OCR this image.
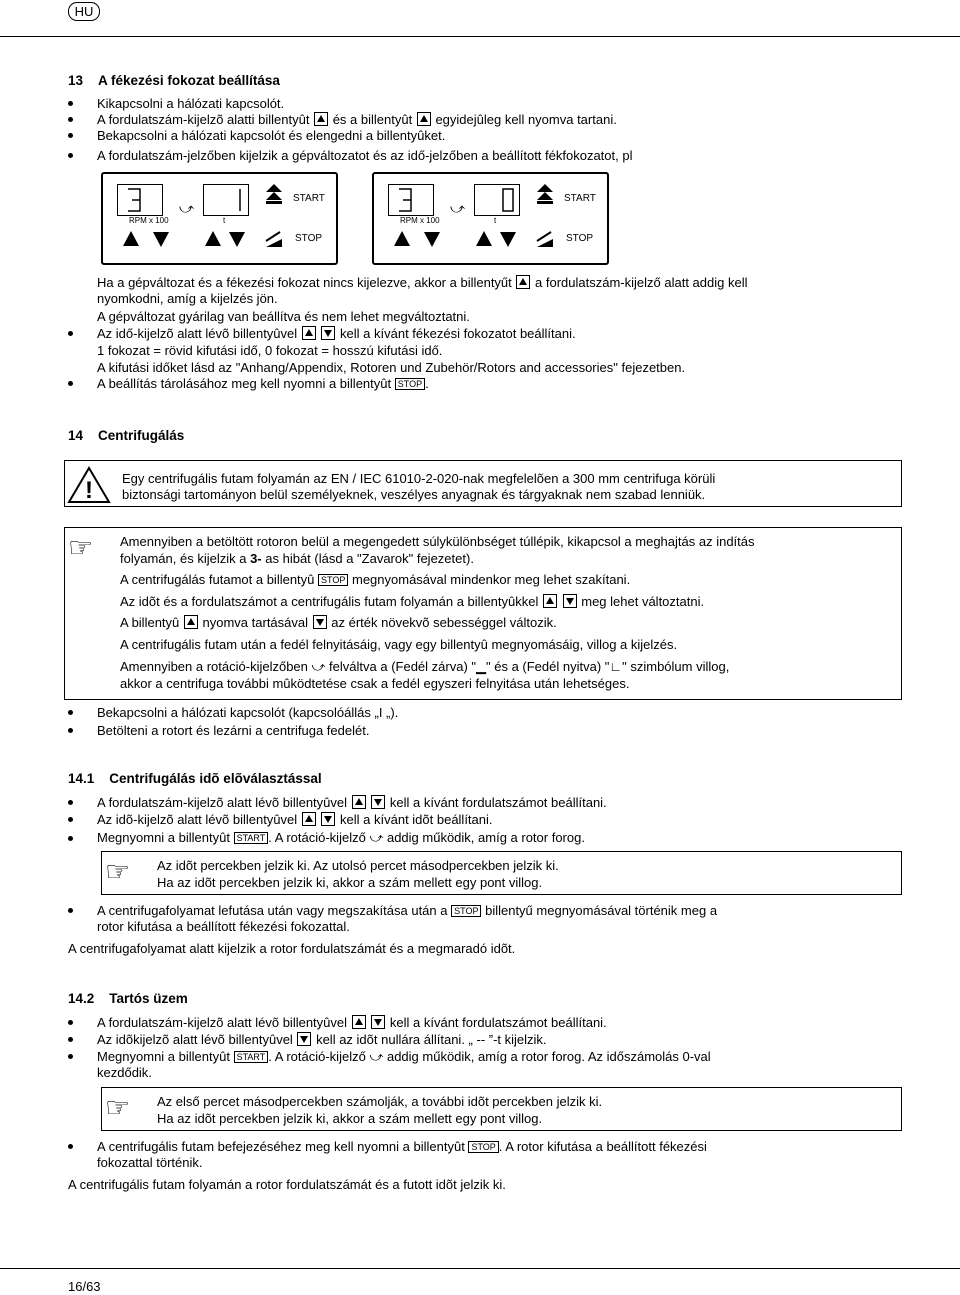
HU
13 A fékezési fokozat beállítása
Kikapcsolni a hálózati kapcsolót.
A fordulatszám-kijelzõ alatti billentyût és a billentyût egyidejûleg kell nyomva tartani.
Bekapcsolni a hálózati kapcsolót és elengedni a billentyûket.
A fordulatszám-jelzőben kijelzik a gépváltozatot és az idő-jelzőben a beállított fékfokozatot, pl
RPM x 100
⤻
t
START
STOP
RPM x 100
⤻
t
START
STOP
Ha a gépváltozat és a fékezési fokozat nincs kijelezve, akkor a billentyűt a fordulatszám-kijelző alatt addig kell
nyomkodni, amíg a kijelzés jön.
A gépváltozat gyárilag van beállítva és nem lehet megváltoztatni.
Az idő-kijelzõ alatt lévõ billentyûvel	kell a kívánt fékezési fokozatot beállítani.
1 fokozat = rövid kifutási idő, 0 fokozat = hosszú kifutási idő.
A kifutási időket lásd az "Anhang/Appendix, Rotoren und Zubehör/Rotors and accessories" fejezetben.
A beállítás tárolásához meg kell nyomni a billentyût STOP .
14 Centrifugálás
! Egy centrifugális futam folyamán az EN / IEC 61010-2-020-nak megfelelõen a 300 mm centrifuga körüli
biztonsági tartományon belül személyeknek, veszélyes anyagnak és tárgyaknak nem szabad lenniük.
☞ Amennyiben a betöltött rotoron belül a megengedett súlykülönbséget túllépik, kikapcsol a meghajtás az indítás
folyamán, és kijelzik a 3- as hibát (lásd a "Zavarok" fejezetet).
A centrifugálás futamot a billentyû STOP megnyomásával mindenkor meg lehet szakítani.
Az idõt és a fordulatszámot a centrifugális futam folyamán a billentyûkkel	meg lehet változtatni.
A billentyû nyomva tartásával az érték növekvõ sebességgel változik.
A centrifugális futam után a fedél felnyitásáig, vagy egy billentyû megnyomásáig, villog a kijelzés.
Amennyiben a rotáció-kijelzőben ⤻ felváltva a (Fedél zárva) "▁" és a (Fedél nyitva) "∟" szimbólum villog,
akkor a centrifuga további mûködtetése csak a fedél egyszeri felnyitása után lehetséges.
Bekapcsolni a hálózati kapcsolót (kapcsolóállás „I „).
Betölteni a rotort és lezárni a centrifuga fedelét.
14.1 Centrifugálás idõ elõválasztással
A fordulatszám-kijelzõ alatt lévõ billentyûvel	kell a kívánt fordulatszámot beállítani.
Az idõ-kijelzõ alatt lévõ billentyûvel	kell a kívánt idõt beállítani.
Megnyomni a billentyût START . A rotáció-kijelző ⤻ addig működik, amíg a rotor forog.
☞ Az idõt percekben jelzik ki. Az utolsó percet másodpercekben jelzik ki.
Ha az idõt percekben jelzik ki, akkor a szám mellett egy pont villog.
A centrifugafolyamat lefutása után vagy megszakítása után a STOP billentyű megnyomásával történik meg a
rotor kifutása a beállított fékezési fokozattal.
A centrifugafolyamat alatt kijelzik a rotor fordulatszámát és a megmaradó idõt.
14.2 Tartós üzem
A fordulatszám-kijelzõ alatt lévõ billentyûvel	kell a kívánt fordulatszámot beállítani.
Az idõkijelzõ alatt lévõ billentyûvel kell az idõt nullára állítani. „ -- ”-t kijelzik.
Megnyomni a billentyût START . A rotáció-kijelző ⤻ addig működik, amíg a rotor forog. Az időszámolás 0-val
kezdődik.
☞ Az első percet másodpercekben számolják, a további idõt percekben jelzik ki.
Ha az idõt percekben jelzik ki, akkor a szám mellett egy pont villog.
A centrifugális futam befejezéséhez meg kell nyomni a billentyût STOP . A rotor kifutása a beállított fékezési
fokozattal történik.
A centrifugális futam folyamán a rotor fordulatszámát és a futott idõt jelzik ki.
16/63
